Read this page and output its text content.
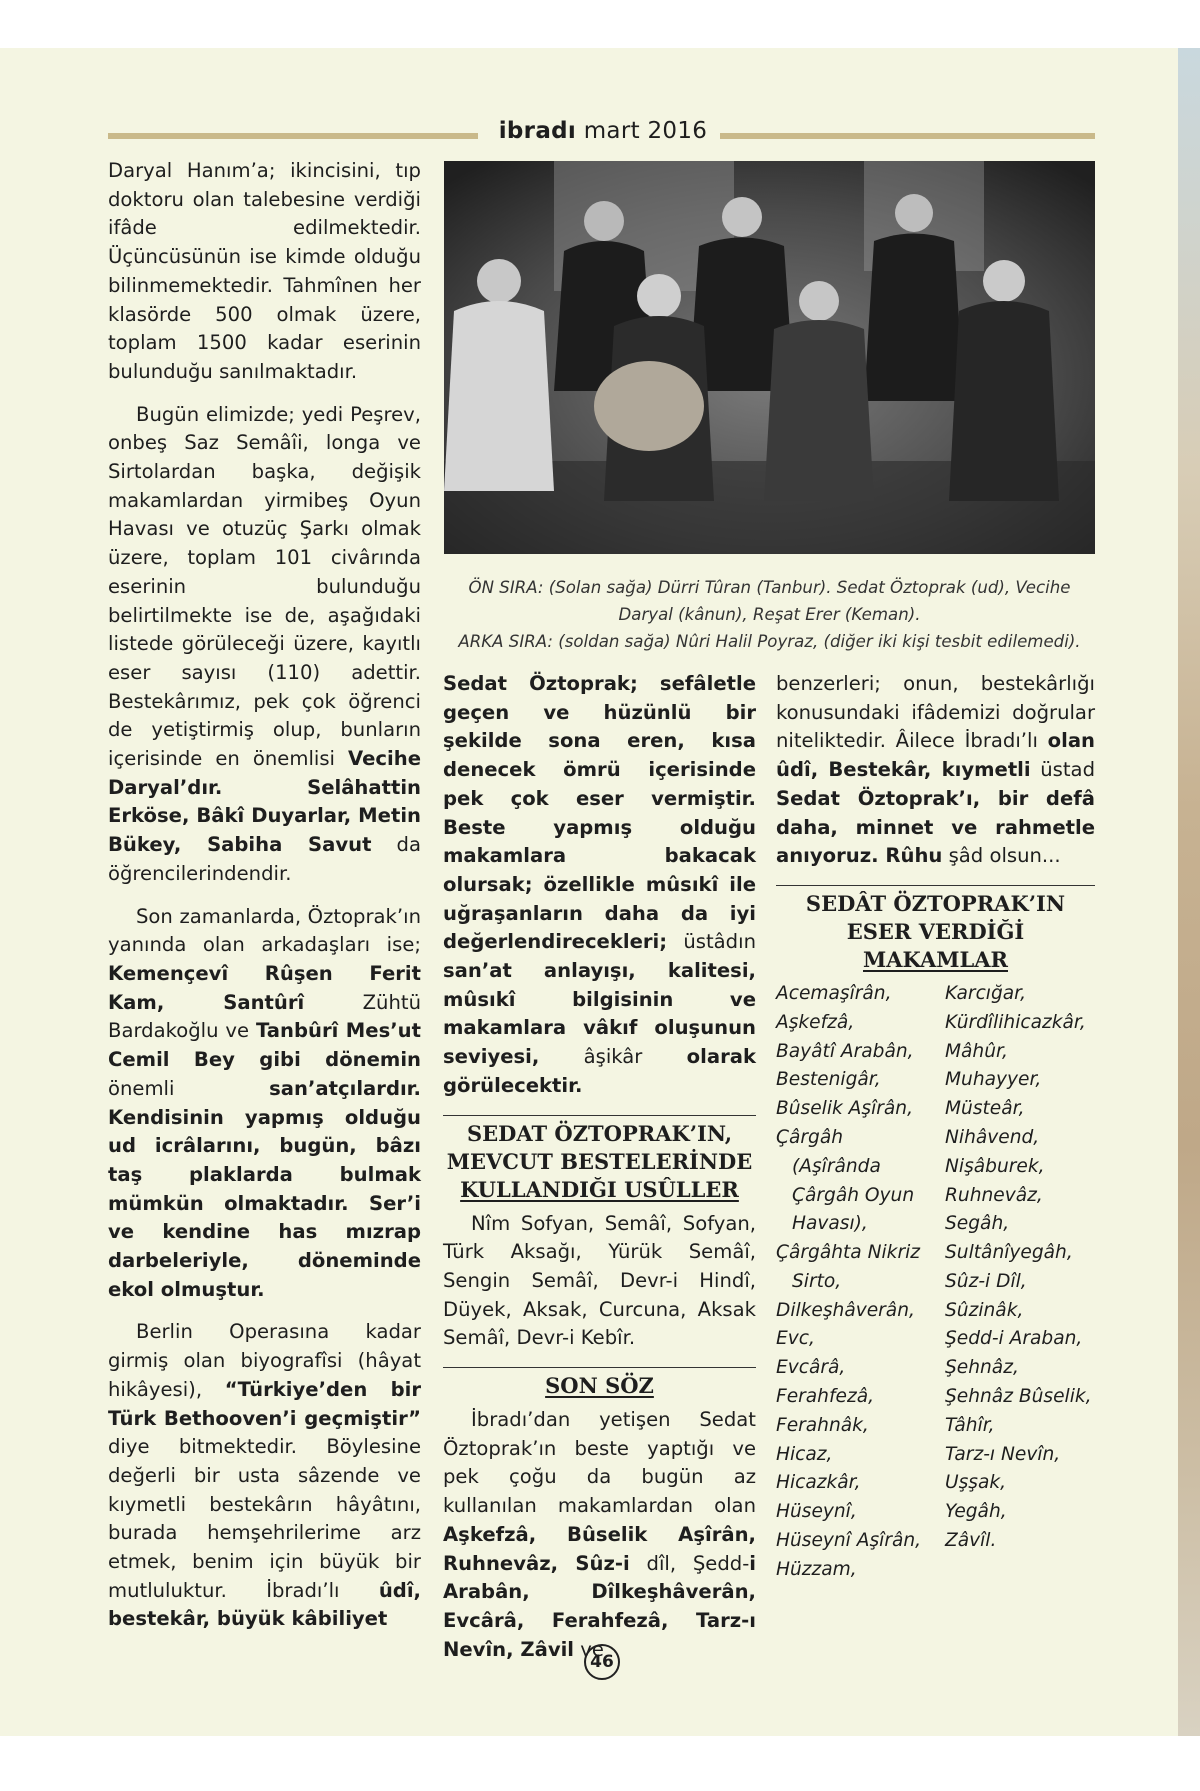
ibradı mart 2016

Daryal Hanım’a; ikincisini, tıp doktoru olan talebesine verdiği ifâde edilmektedir. Üçüncüsünün ise kimde olduğu bilinmemektedir. Tahmînen her klasörde 500 olmak üzere, toplam 1500 kadar eserinin bulunduğu sanılmaktadır.

Bugün elimizde; yedi Peşrev, onbeş Saz Semâîi, longa ve Sirtolardan başka, değişik makamlardan yirmibeş Oyun Havası ve otuzüç Şarkı olmak üzere, toplam 101 civârında eserinin bulunduğu belirtilmekte ise de, aşağıdaki listede görüleceği üzere, kayıtlı eser sayısı (110) adettir. Bestekârımız, pek çok öğrenci de yetiştirmiş olup, bunların içerisinde en önemlisi Vecihe Daryal’dır. Selâhattin Erköse, Bâkî Duyarlar, Metin Bükey, Sabiha Savut da öğrencilerindendir.

Son zamanlarda, Öztoprak’ın yanında olan arkadaşları ise; Kemençevî Rûşen Ferit Kam, Santûrî Zühtü Bardakoğlu ve Tanbûrî Mes’ut Cemil Bey gibi dönemin önemli san’atçılardır. Kendisinin yapmış olduğu ud icrâlarını, bugün, bâzı taş plaklarda bulmak mümkün olmaktadır. Ser’i ve kendine has mızrap darbeleriyle, döneminde ekol olmuştur.

Berlin Operasına kadar girmiş olan biyografîsi (hâyat hikâyesi), “Türkiye’den bir Türk Bethooven’i geçmiştir” diye bitmektedir. Böylesine değerli bir usta sâzende ve kıymetli bestekârın hâyâtını, burada hemşehrilerime arz etmek, benim için büyük bir mutluluktur. İbradı’lı ûdî, bestekâr, büyük kâbiliyet

ÖN SIRA: (Solan sağa) Dürri Tûran (Tanbur). Sedat Öztoprak (ud), Vecihe Daryal (kânun), Reşat Erer (Keman).
ARKA SIRA: (soldan sağa) Nûri Halil Poyraz, (diğer iki kişi tesbit edilemedi).

Sedat Öztoprak; sefâletle geçen ve hüzünlü bir şekilde sona eren, kısa denecek ömrü içerisinde pek çok eser vermiştir. Beste yapmış olduğu makamlara bakacak olursak; özellikle mûsıkî ile uğraşanların daha da iyi değerlendirecekleri; üstâdın san’at anlayışı, kalitesi, mûsıkî bilgisinin ve makamlara vâkıf oluşunun seviyesi, âşikâr olarak görülecektir.

SEDAT ÖZTOPRAK’IN,
MEVCUT BESTELERİNDE
KULLANDIĞI USÛLLER

Nîm Sofyan, Semâî, Sofyan, Türk Aksağı, Yürük Semâî, Sengin Semâî, Devr-i Hindî, Düyek, Aksak, Curcuna, Aksak Semâî, Devr-i Kebîr.

SON SÖZ

İbradı’dan yetişen Sedat Öztoprak’ın beste yaptığı ve pek çoğu da bugün az kullanılan makamlardan olan Aşkefzâ, Bûselik Aşîrân, Ruhnevâz, Sûz-i dîl, Şedd-i Arabân, Dîlkeşhâverân, Evcârâ, Ferahfezâ, Tarz-ı Nevîn, Zâvil ve

benzerleri; onun, bestekârlığı konusundaki ifâdemizi doğrular niteliktedir. Âilece İbradı’lı olan ûdî, Bestekâr, kıymetli üstad Sedat Öztoprak’ı, bir defâ daha, minnet ve rahmetle anıyoruz. Rûhu şâd olsun...

SEDÂT ÖZTOPRAK’IN
ESER VERDİĞİ
MAKAMLAR
Acemaşîrân,
Aşkefzâ,
Bayâtî Arabân,
Bestenigâr,
Bûselik Aşîrân,
Çârgâh
(Aşîrânda
Çârgâh Oyun
Havası),
Çârgâhta Nikriz
Sirto,
Dilkeşhâverân,
Evc,
Evcârâ,
Ferahfezâ,
Ferahnâk,
Hicaz,
Hicazkâr,
Hüseynî,
Hüseynî Aşîrân,
Hüzzam,
Karcığar,
Kürdîlihicazkâr,
Mâhûr,
Muhayyer,
Müsteâr,
Nihâvend,
Nişâburek,
Ruhnevâz,
Segâh,
Sultânîyegâh,
Sûz-i Dîl,
Sûzinâk,
Şedd-i Araban,
Şehnâz,
Şehnâz Bûselik,
Tâhîr,
Tarz-ı Nevîn,
Uşşak,
Yegâh,
Zâvîl.
46
